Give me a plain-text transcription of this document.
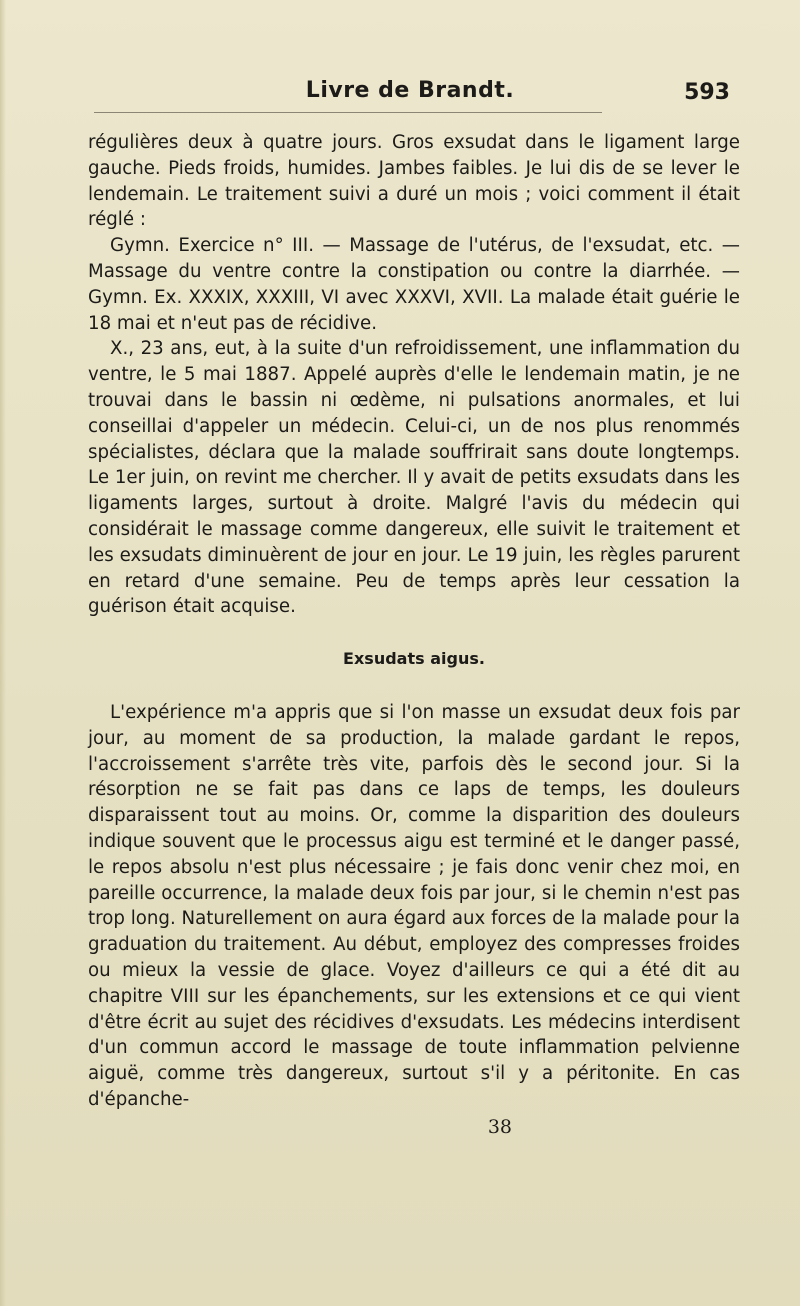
Livre de Brandt.	593

régulières deux à quatre jours. Gros exsudat dans le ligament large gauche. Pieds froids, humides. Jambes faibles. Je lui dis de se lever le lendemain. Le traitement suivi a duré un mois ; voici comment il était réglé :

Gymn. Exercice n° III. — Massage de l'utérus, de l'exsudat, etc. — Massage du ventre contre la constipation ou contre la diarrhée. — Gymn. Ex. XXXIX, XXXIII, VI avec XXXVI, XVII. La malade était guérie le 18 mai et n'eut pas de récidive.

X., 23 ans, eut, à la suite d'un refroidissement, une inflammation du ventre, le 5 mai 1887. Appelé auprès d'elle le lendemain matin, je ne trouvai dans le bassin ni œdème, ni pulsations anormales, et lui conseillai d'appeler un médecin. Celui-ci, un de nos plus renommés spécialistes, déclara que la malade souffrirait sans doute longtemps. Le 1er juin, on revint me chercher. Il y avait de petits exsudats dans les ligaments larges, surtout à droite. Malgré l'avis du médecin qui considérait le massage comme dangereux, elle suivit le traitement et les exsudats diminuèrent de jour en jour. Le 19 juin, les règles parurent en retard d'une semaine. Peu de temps après leur cessation la guérison était acquise.

Exsudats aigus.

L'expérience m'a appris que si l'on masse un exsudat deux fois par jour, au moment de sa production, la malade gardant le repos, l'accroissement s'arrête très vite, parfois dès le second jour. Si la résorption ne se fait pas dans ce laps de temps, les douleurs disparaissent tout au moins. Or, comme la disparition des douleurs indique souvent que le processus aigu est terminé et le danger passé, le repos absolu n'est plus nécessaire ; je fais donc venir chez moi, en pareille occurrence, la malade deux fois par jour, si le chemin n'est pas trop long. Naturellement on aura égard aux forces de la malade pour la graduation du traitement. Au début, employez des compresses froides ou mieux la vessie de glace. Voyez d'ailleurs ce qui a été dit au chapitre VIII sur les épanchements, sur les extensions et ce qui vient d'être écrit au sujet des récidives d'exsudats. Les médecins interdisent d'un commun accord le massage de toute inflammation pelvienne aiguë, comme très dangereux, surtout s'il y a péritonite. En cas d'épanche-

38
